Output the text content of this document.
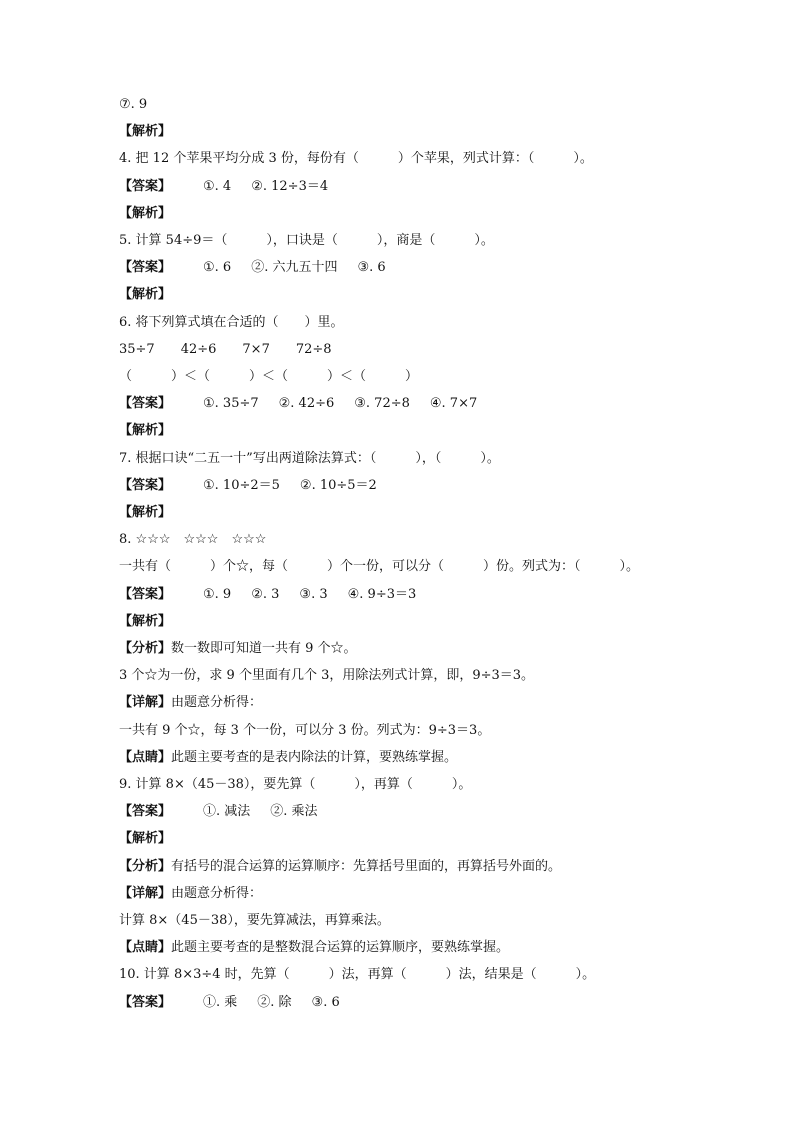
⑦. 9
【解析】
4. 把 12 个苹果平均分成 3 份，每份有（　　　）个苹果，列式计算：（　　　）。
【答案】 ①. 4 ②. 12÷3＝4
【解析】
5. 计算 54÷9＝（　　　），口诀是（　　　），商是（　　　）。
【答案】 ①. 6 ②. 六九五十四 ③. 6
【解析】
6. 将下列算式填在合适的（　　）里。
35÷7　　42÷6　　7×7　　72÷8
（　　　）＜（　　　）＜（　　　）＜（　　　）
【答案】 ①. 35÷7 ②. 42÷6 ③. 72÷8 ④. 7×7
【解析】
7. 根据口诀“二五一十”写出两道除法算式：（　　　），（　　　）。
【答案】 ①. 10÷2＝5 ②. 10÷5＝2
【解析】
8. ☆☆☆　☆☆☆　☆☆☆
一共有（　　　）个☆，每（　　　）个一份，可以分（　　　）份。列式为：（　　　）。
【答案】 ①. 9 ②. 3 ③. 3 ④. 9÷3＝3
【解析】
【分析】数一数即可知道一共有 9 个☆。
3 个☆为一份，求 9 个里面有几个 3，用除法列式计算，即，9÷3＝3。
【详解】由题意分析得：
一共有 9 个☆，每 3 个一份，可以分 3 份。列式为：9÷3＝3。
【点睛】此题主要考查的是表内除法的计算，要熟练掌握。
9. 计算 8×（45－38），要先算（　　　），再算（　　　）。
【答案】 ①. 减法 ②. 乘法
【解析】
【分析】有括号的混合运算的运算顺序：先算括号里面的，再算括号外面的。
【详解】由题意分析得：
计算 8×（45－38），要先算减法，再算乘法。
【点睛】此题主要考查的是整数混合运算的运算顺序，要熟练掌握。
10. 计算 8×3÷4 时，先算（　　　）法，再算（　　　）法，结果是（　　　）。
【答案】 ①. 乘 ②. 除 ③. 6
